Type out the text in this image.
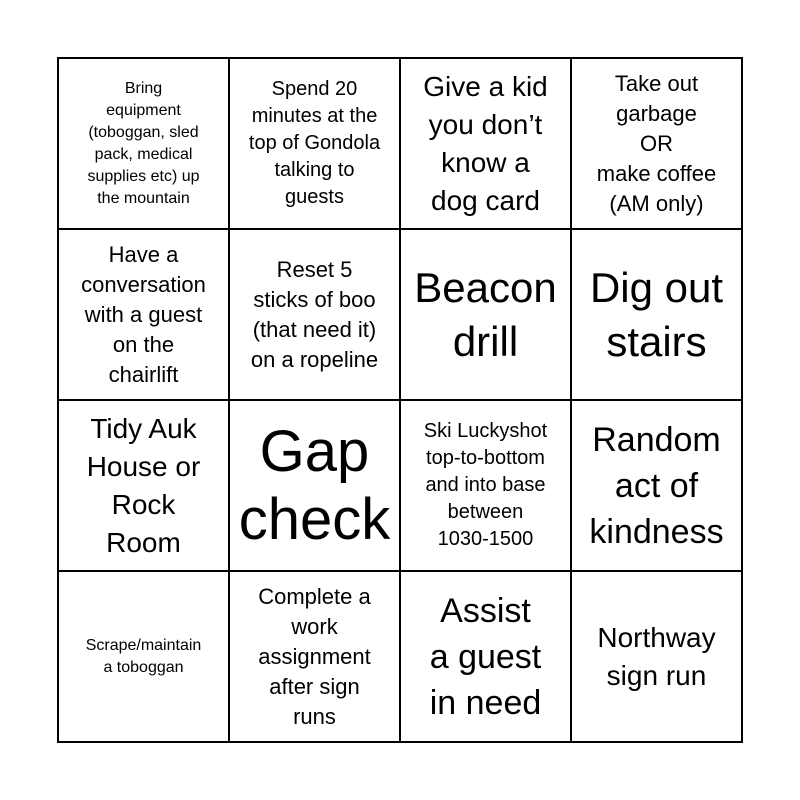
Bring
equipment
(toboggan, sled
pack, medical
supplies etc) up
the mountain
Spend 20
minutes at the
top of Gondola
talking to
guests
Give a kid
you don’t
know a
dog card
Take out
garbage
OR
make coffee
(AM only)
Have a
conversation
with a guest
on the
chairlift
Reset 5
sticks of boo
(that need it)
on a ropeline
Beacon
drill
Dig out
stairs
Tidy Auk
House or
Rock
Room
Gap
check
Ski Luckyshot
top-to-bottom
and into base
between
1030-1500
Random
act of
kindness
Scrape/maintain
a toboggan
Complete a
work
assignment
after sign
runs
Assist
a guest
in need
Northway
sign run
